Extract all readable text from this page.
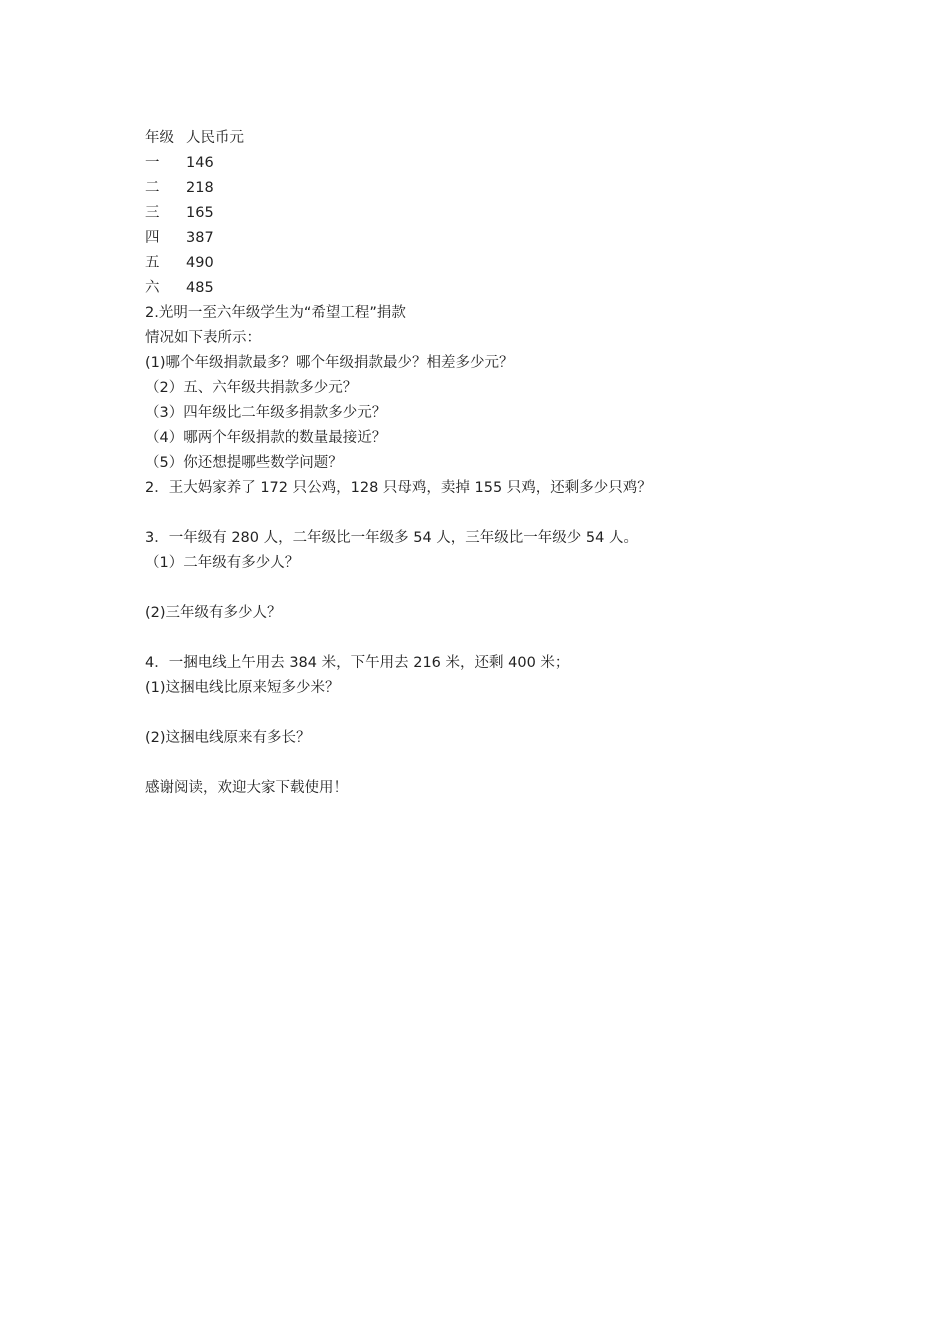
年级 人民币元
一	146
二	218
三	165
四	387
五	490
六	485
2.光明一至六年级学生为“希望工程”捐款
情况如下表所示：
(1)哪个年级捐款最多？哪个年级捐款最少？相差多少元？
（2）五、六年级共捐款多少元？
（3）四年级比二年级多捐款多少元？
（4）哪两个年级捐款的数量最接近？
（5）你还想提哪些数学问题？
2．王大妈家养了 172 只公鸡，128 只母鸡，卖掉 155 只鸡，还剩多少只鸡？
3．一年级有 280 人，二年级比一年级多 54 人，三年级比一年级少 54 人。
（1）二年级有多少人？
(2)三年级有多少人？
4．一捆电线上午用去 384 米，下午用去 216 米，还剩 400 米；
(1)这捆电线比原来短多少米？
(2)这捆电线原来有多长？
感谢阅读，欢迎大家下载使用！
